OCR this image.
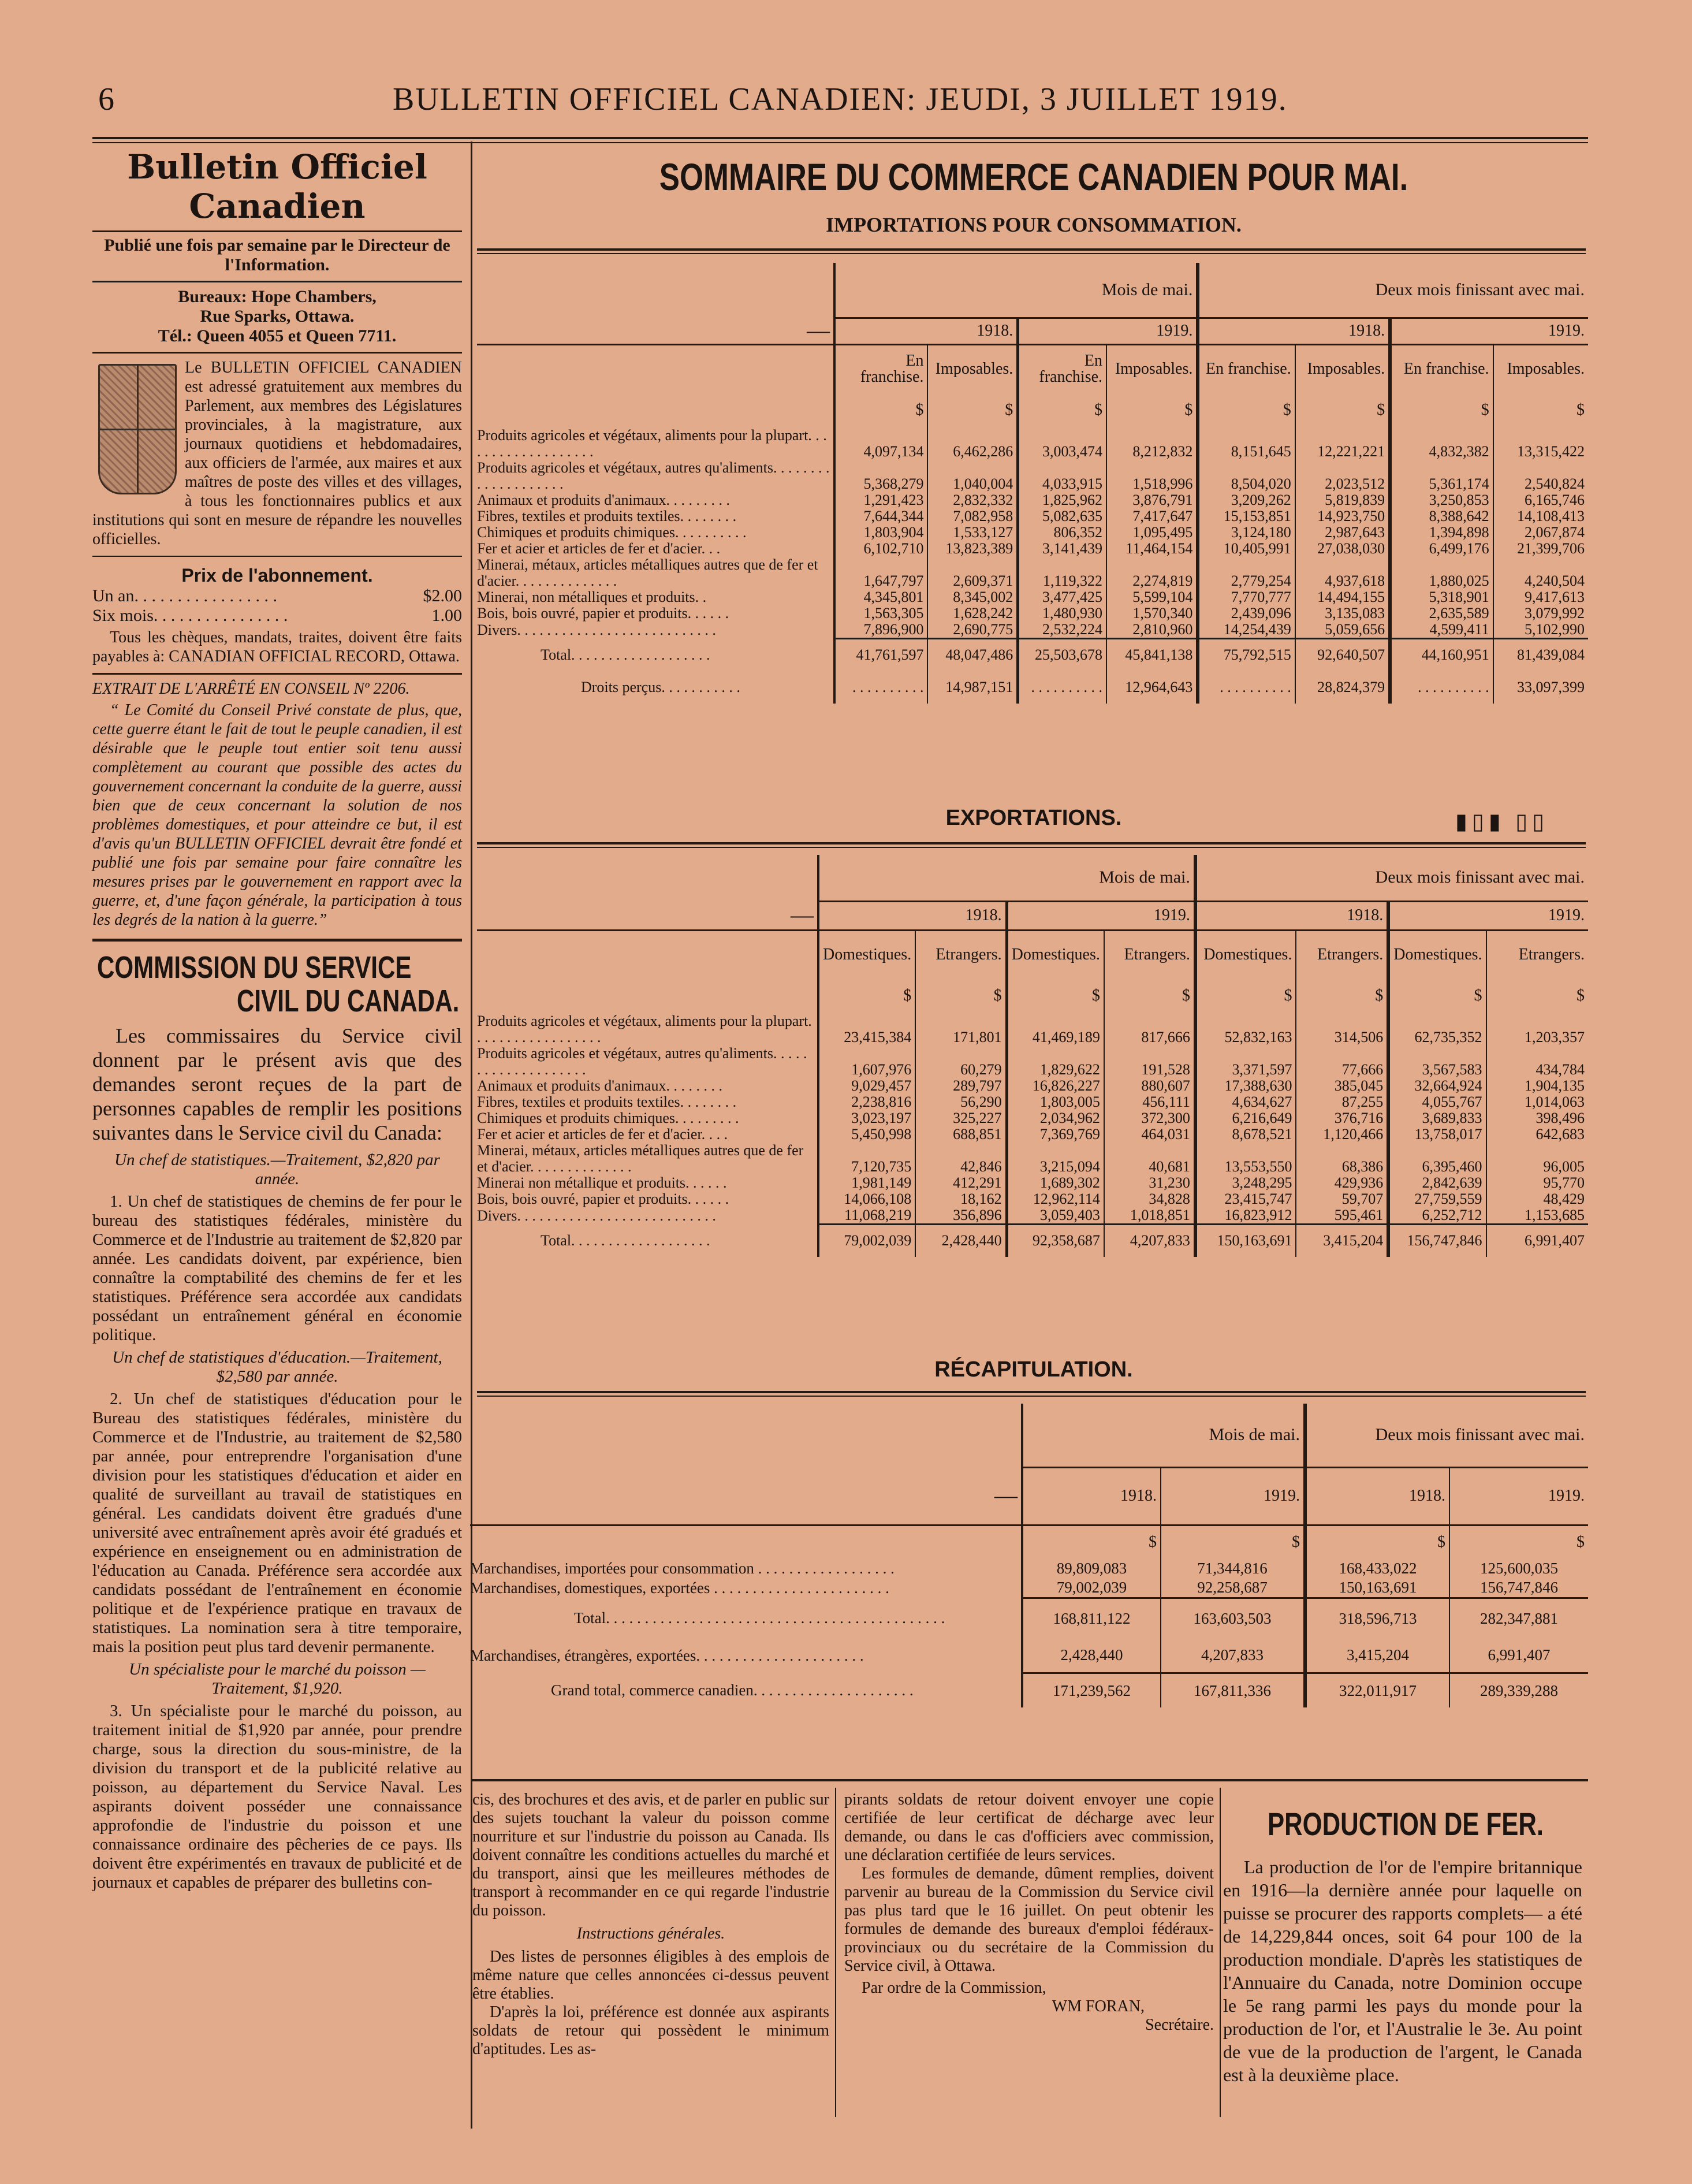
6	BULLETIN OFFICIEL CANADIEN: JEUDI, 3 JUILLET 1919.
Bulletin Officiel Canadien
Publié une fois par semaine par le Directeur de l'Information.
Bureaux: Hope Chambers,
Rue Sparks, Ottawa.
Tél.: Queen 4055 et Queen 7711.
Le BULLETIN OFFICIEL CANADIEN est adressé gratuitement aux membres du Parlement, aux membres des Législatures provinciales, à la magistrature, aux journaux quotidiens et hebdomadaires, aux officiers de l'armée, aux maires et aux maîtres de poste des villes et des villages, à tous les fonctionnaires publics et aux institutions qui sont en mesure de répandre les nouvelles officielles.
Prix de l'abonnement.
Un an. . . . . . . . . . . . . . . . .	$2.00
Six mois. . . . . . . . . . . . . . . .	1.00
Tous les chèques, mandats, traites, doivent être faits payables à: CANADIAN OFFICIAL RECORD, Ottawa.
EXTRAIT DE L'ARRÊTÉ EN CONSEIL Nº 2206.
“ Le Comité du Conseil Privé constate de plus, que, cette guerre étant le fait de tout le peuple canadien, il est désirable que le peuple tout entier soit tenu aussi complètement au courant que possible des actes du gouvernement concernant la conduite de la guerre, aussi bien que de ceux concernant la solution de nos problèmes domestiques, et pour atteindre ce but, il est d'avis qu'un BULLETIN OFFICIEL devrait être fondé et publié une fois par semaine pour faire connaître les mesures prises par le gouvernement en rapport avec la guerre, et, d'une façon générale, la participation à tous les degrés de la nation à la guerre.”
COMMISSION DU SERVICE
CIVIL DU CANADA.

Les commissaires du Service civil donnent par le présent avis que des demandes seront reçues de la part de personnes capables de remplir les positions suivantes dans le Service civil du Canada:

Un chef de statistiques.—Traitement, $2,820 par année.

1. Un chef de statistiques de chemins de fer pour le bureau des statistiques fédérales, ministère du Commerce et de l'Industrie au traitement de $2,820 par année. Les candidats doivent, par expérience, bien connaître la comptabilité des chemins de fer et les statistiques. Préférence sera accordée aux candidats possédant un entraînement général en économie politique.

Un chef de statistiques d'éducation.—Traitement, $2,580 par année.

2. Un chef de statistiques d'éducation pour le Bureau des statistiques fédérales, ministère du Commerce et de l'Industrie, au traitement de $2,580 par année, pour entreprendre l'organisation d'une division pour les statistiques d'éducation et aider en qualité de surveillant au travail de statistiques en général. Les candidats doivent être gradués d'une université avec entraînement après avoir été gradués et expérience en enseignement ou en administration de l'éducation au Canada. Préférence sera accordée aux candidats possédant de l'entraînement en économie politique et de l'expérience pratique en travaux de statistiques. La nomination sera à titre temporaire, mais la position peut plus tard devenir permanente.

Un spécialiste pour le marché du poisson —Traitement, $1,920.

3. Un spécialiste pour le marché du poisson, au traitement initial de $1,920 par année, pour prendre charge, sous la direction du sous-ministre, de la division du transport et de la publicité relative au poisson, au département du Service Naval. Les aspirants doivent posséder une connaissance approfondie de l'industrie du poisson et une connaissance ordinaire des pêcheries de ce pays. Ils doivent être expérimentés en travaux de publicité et de journaux et capables de préparer des bulletins con-

SOMMAIRE DU COMMERCE CANADIEN POUR MAI.
IMPORTATIONS POUR CONSOMMATION.
	Mois de mai.				Deux mois finissant avec mai.			
—	1918.		1919.		1918.		1919.	
	En franchise.	Imposables.	En franchise.	Imposables.	En franchise.	Imposables.	En franchise.	Imposables.
	$	$	$	$	$	$	$	$
Produits agricoles et végétaux, aliments pour la plupart. . . . . . . . . . . . . . . . . . .	4,097,134	6,462,286	3,003,474	8,212,832	8,151,645	12,221,221	4,832,382	13,315,422
Produits agricoles et végétaux, autres qu'aliments. . . . . . . . . . . . . . . . . . . .	5,368,279	1,040,004	4,033,915	1,518,996	8,504,020	2,023,512	5,361,174	2,540,824
Animaux et produits d'animaux. . . . . . . . .	1,291,423	2,832,332	1,825,962	3,876,791	3,209,262	5,819,839	3,250,853	6,165,746
Fibres, textiles et produits textiles. . . . . . . .	7,644,344	7,082,958	5,082,635	7,417,647	15,153,851	14,923,750	8,388,642	14,108,413
Chimiques et produits chimiques. . . . . . . . . .	1,803,904	1,533,127	806,352	1,095,495	3,124,180	2,987,643	1,394,898	2,067,874
Fer et acier et articles de fer et d'acier. . .	6,102,710	13,823,389	3,141,439	11,464,154	10,405,991	27,038,030	6,499,176	21,399,706
Minerai, métaux, articles métalliques autres que de fer et d'acier. . . . . . . . . . . . . .	1,647,797	2,609,371	1,119,322	2,274,819	2,779,254	4,937,618	1,880,025	4,240,504
Minerai, non métalliques et produits. .	4,345,801	8,345,002	3,477,425	5,599,104	7,770,777	14,494,155	5,318,901	9,417,613
Bois, bois ouvré, papier et produits. . . . . .	1,563,305	1,628,242	1,480,930	1,570,340	2,439,096	3,135,083	2,635,589	3,079,992
Divers. . . . . . . . . . . . . . . . . . . . . . . . . . .	7,896,900	2,690,775	2,532,224	2,810,960	14,254,439	5,059,656	4,599,411	5,102,990
Total. . . . . . . . . . . . . . . . . . .	41,761,597	48,047,486	25,503,678	45,841,138	75,792,515	92,640,507	44,160,951	81,439,084
Droits perçus. . . . . . . . . . .	. . . . . . . . . .	14,987,151	. . . . . . . . . .	12,964,643	. . . . . . . . . .	28,824,379	. . . . . . . . . .	33,097,399
EXPORTATIONS.	▮▯▮ ▯▯
	Mois de mai.				Deux mois finissant avec mai.			
—	1918.		1919.		1918.		1919.	
	Domestiques.	Etrangers.	Domestiques.	Etrangers.	Domestiques.	Etrangers.	Domestiques.	Etrangers.
	$	$	$	$	$	$	$	$
Produits agricoles et végétaux, aliments pour la plupart. . . . . . . . . . . . . . . . . .	23,415,384	171,801	41,469,189	817,666	52,832,163	314,506	62,735,352	1,203,357
Produits agricoles et végétaux, autres qu'aliments. . . . . . . . . . . . . . . . . . . .	1,607,976	60,279	1,829,622	191,528	3,371,597	77,666	3,567,583	434,784
Animaux et produits d'animaux. . . . . . . .	9,029,457	289,797	16,826,227	880,607	17,388,630	385,045	32,664,924	1,904,135
Fibres, textiles et produits textiles. . . . . . . .	2,238,816	56,290	1,803,005	456,111	4,634,627	87,255	4,055,767	1,014,063
Chimiques et produits chimiques. . . . . . . . .	3,023,197	325,227	2,034,962	372,300	6,216,649	376,716	3,689,833	398,496
Fer et acier et articles de fer et d'acier. . . .	5,450,998	688,851	7,369,769	464,031	8,678,521	1,120,466	13,758,017	642,683
Minerai, métaux, articles métalliques autres que de fer et d'acier. . . . . . . . . . . . . .	7,120,735	42,846	3,215,094	40,681	13,553,550	68,386	6,395,460	96,005
Minerai non métallique et produits. . . . . .	1,981,149	412,291	1,689,302	31,230	3,248,295	429,936	2,842,639	95,770
Bois, bois ouvré, papier et produits. . . . . .	14,066,108	18,162	12,962,114	34,828	23,415,747	59,707	27,759,559	48,429
Divers. . . . . . . . . . . . . . . . . . . . . . . . . . .	11,068,219	356,896	3,059,403	1,018,851	16,823,912	595,461	6,252,712	1,153,685
Total. . . . . . . . . . . . . . . . . . .	79,002,039	2,428,440	92,358,687	4,207,833	150,163,691	3,415,204	156,747,846	6,991,407
RÉCAPITULATION.
	Mois de mai.		Deux mois finissant avec mai.	
—	1918.	1919.	1918.	1919.
	$	$	$	$
Marchandises, importées pour consommation . . . . . . . . . . . . . . . . . .	89,809,083	71,344,816	168,433,022	125,600,035
Marchandises, domestiques, exportées . . . . . . . . . . . . . . . . . . . . . . .	79,002,039	92,258,687	150,163,691	156,747,846
Total. . . . . . . . . . . . . . . . . . . . . . . . . . . . . . . . . . . . . . . . . . . .	168,811,122	163,603,503	318,596,713	282,347,881
Marchandises, étrangères, exportées. . . . . . . . . . . . . . . . . . . . . .	2,428,440	4,207,833	3,415,204	6,991,407
Grand total, commerce canadien. . . . . . . . . . . . . . . . . . . . .	171,239,562	167,811,336	322,011,917	289,339,288

cis, des brochures et des avis, et de parler en public sur des sujets touchant la valeur du poisson comme nourriture et sur l'industrie du poisson au Canada. Ils doivent connaître les conditions actuelles du marché et du transport, ainsi que les meilleures méthodes de transport à recommander en ce qui regarde l'industrie du poisson.

Instructions générales.

Des listes de personnes éligibles à des emplois de même nature que celles annoncées ci-dessus peuvent être établies.

D'après la loi, préférence est donnée aux aspirants soldats de retour qui possèdent le minimum d'aptitudes. Les as-

pirants soldats de retour doivent envoyer une copie certifiée de leur certificat de décharge avec leur demande, ou dans le cas d'officiers avec commission, une déclaration certifiée de leurs services.

Les formules de demande, dûment remplies, doivent parvenir au bureau de la Commission du Service civil pas plus tard que le 16 juillet. On peut obtenir les formules de demande des bureaux d'emploi fédéraux-provinciaux ou du secrétaire de la Commission du Service civil, à Ottawa.

Par ordre de la Commission,

WM FORAN,
Secrétaire.
PRODUCTION DE FER.
La production de l'or de l'empire britannique en 1916—la dernière année pour laquelle on puisse se procurer des rapports complets— a été de 14,229,844 onces, soit 64 pour 100 de la production mondiale. D'après les statistiques de l'Annuaire du Canada, notre Dominion occupe le 5e rang parmi les pays du monde pour la production de l'or, et l'Australie le 3e. Au point de vue de la production de l'argent, le Canada est à la deuxième place.
